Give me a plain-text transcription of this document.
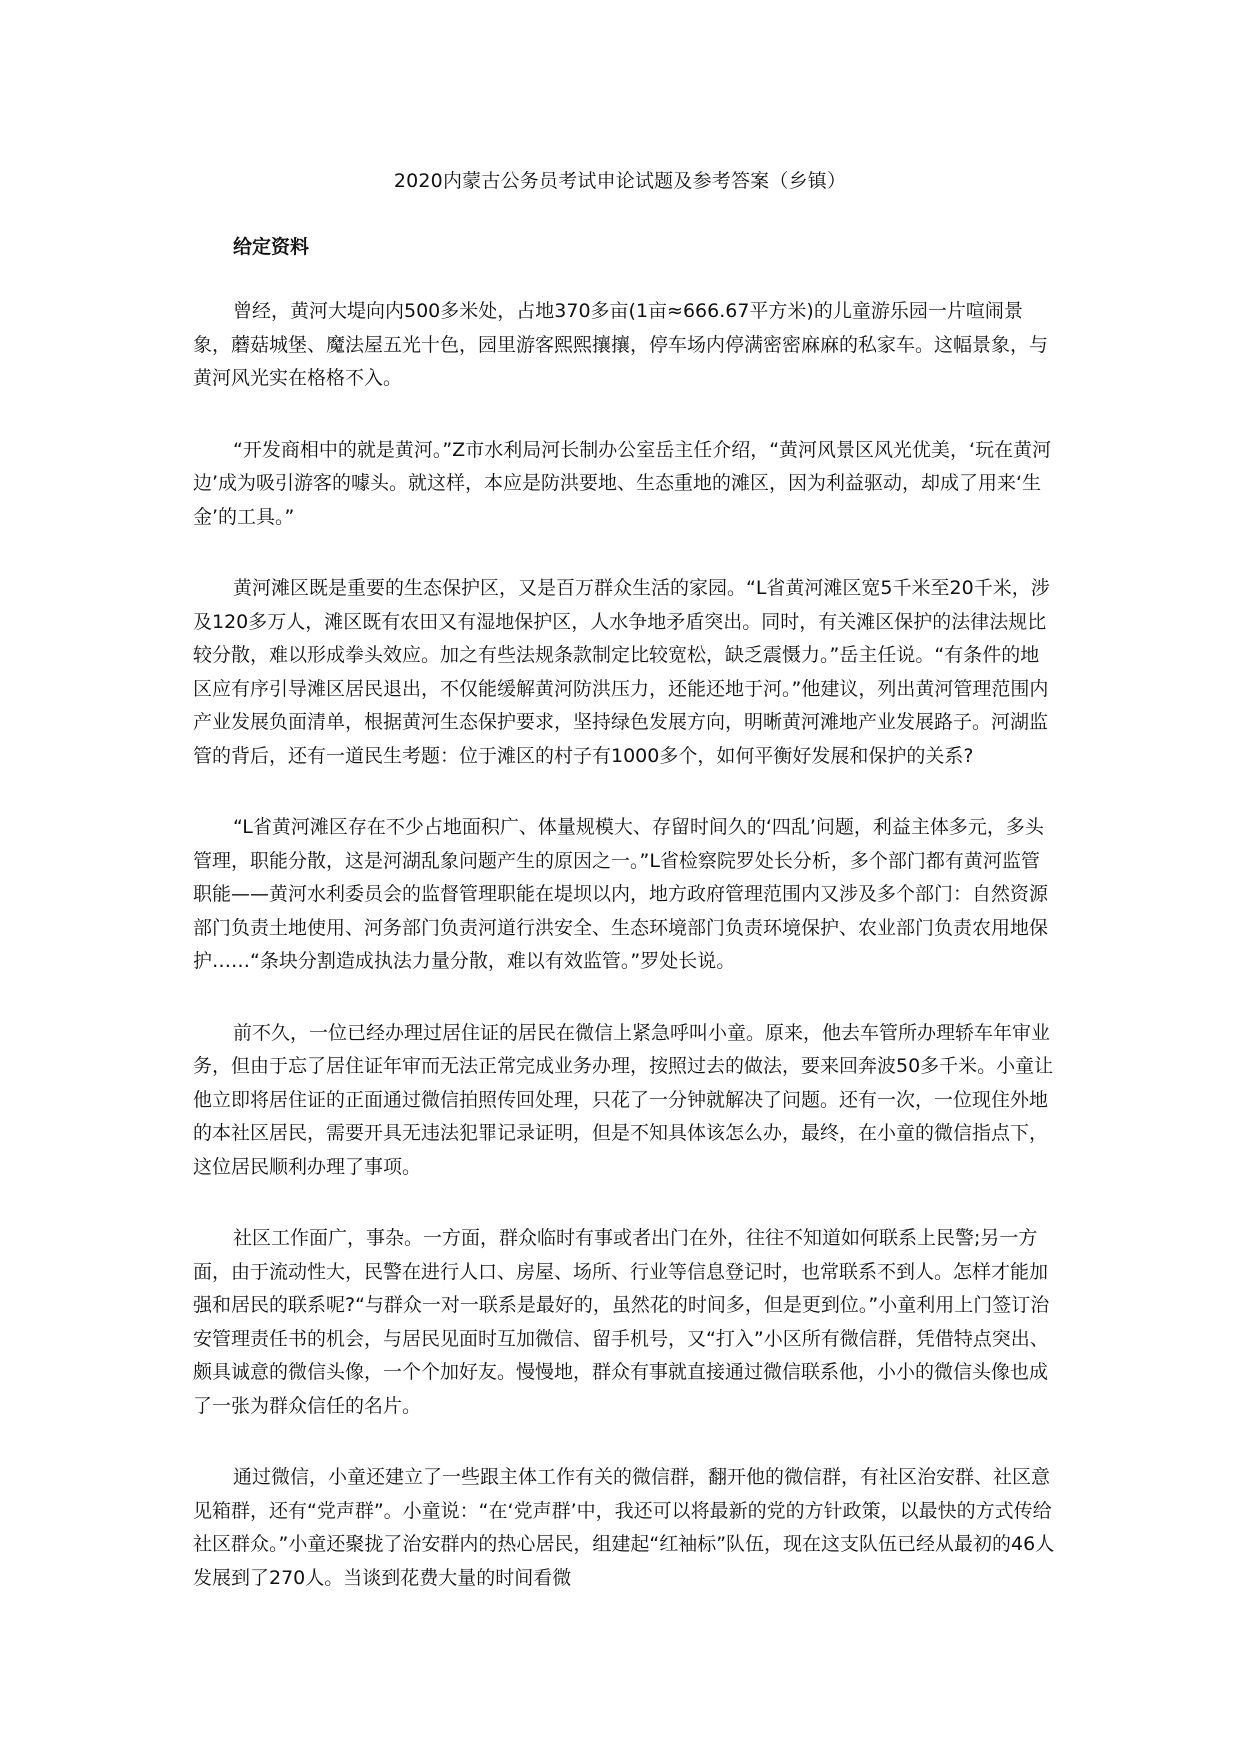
2020内蒙古公务员考试申论试题及参考答案（乡镇）
给定资料

曾经，黄河大堤向内500多米处，占地370多亩(1亩≈666.67平方米)的儿童游乐园一片喧闹景象，蘑菇城堡、魔法屋五光十色，园里游客熙熙攘攘，停车场内停满密密麻麻的私家车。这幅景象，与黄河风光实在格格不入。

“开发商相中的就是黄河。”Z市水利局河长制办公室岳主任介绍，“黄河风景区风光优美，‘玩在黄河边’成为吸引游客的噱头。就这样，本应是防洪要地、生态重地的滩区，因为利益驱动，却成了用来‘生金’的工具。”

黄河滩区既是重要的生态保护区，又是百万群众生活的家园。“L省黄河滩区宽5千米至20千米，涉及120多万人，滩区既有农田又有湿地保护区，人水争地矛盾突出。同时，有关滩区保护的法律法规比较分散，难以形成拳头效应。加之有些法规条款制定比较宽松，缺乏震慑力。”岳主任说。“有条件的地区应有序引导滩区居民退出，不仅能缓解黄河防洪压力，还能还地于河。”他建议，列出黄河管理范围内产业发展负面清单，根据黄河生态保护要求，坚持绿色发展方向，明晰黄河滩地产业发展路子。河湖监管的背后，还有一道民生考题：位于滩区的村子有1000多个，如何平衡好发展和保护的关系?

“L省黄河滩区存在不少占地面积广、体量规模大、存留时间久的‘四乱’问题，利益主体多元，多头管理，职能分散，这是河湖乱象问题产生的原因之一。”L省检察院罗处长分析，多个部门都有黄河监管职能——黄河水利委员会的监督管理职能在堤坝以内，地方政府管理范围内又涉及多个部门：自然资源部门负责土地使用、河务部门负责河道行洪安全、生态环境部门负责环境保护、农业部门负责农用地保护……“条块分割造成执法力量分散，难以有效监管。”罗处长说。

前不久，一位已经办理过居住证的居民在微信上紧急呼叫小童。原来，他去车管所办理轿车年审业务，但由于忘了居住证年审而无法正常完成业务办理，按照过去的做法，要来回奔波50多千米。小童让他立即将居住证的正面通过微信拍照传回处理，只花了一分钟就解决了问题。还有一次，一位现住外地的本社区居民，需要开具无违法犯罪记录证明，但是不知具体该怎么办，最终，在小童的微信指点下，这位居民顺利办理了事项。

社区工作面广，事杂。一方面，群众临时有事或者出门在外，往往不知道如何联系上民警;另一方面，由于流动性大，民警在进行人口、房屋、场所、行业等信息登记时，也常联系不到人。怎样才能加强和居民的联系呢?“与群众一对一联系是最好的，虽然花的时间多，但是更到位。”小童利用上门签订治安管理责任书的机会，与居民见面时互加微信、留手机号，又“打入”小区所有微信群，凭借特点突出、颇具诚意的微信头像，一个个加好友。慢慢地，群众有事就直接通过微信联系他，小小的微信头像也成了一张为群众信任的名片。

通过微信，小童还建立了一些跟主体工作有关的微信群，翻开他的微信群，有社区治安群、社区意见箱群，还有“党声群”。小童说：“在‘党声群’中，我还可以将最新的党的方针政策，以最快的方式传给社区群众。”小童还聚拢了治安群内的热心居民，组建起“红袖标”队伍，现在这支队伍已经从最初的46人发展到了270人。当谈到花费大量的时间看微
